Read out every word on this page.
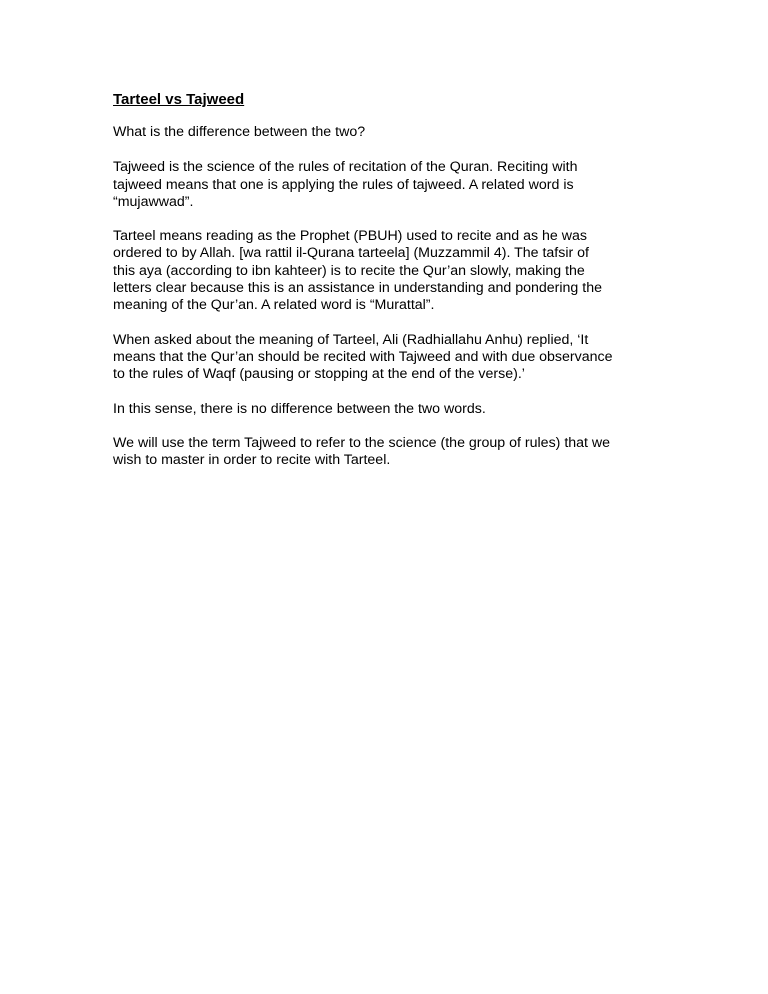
Tarteel vs Tajweed
What is the difference between the two?
Tajweed is the science of the rules of recitation of the Quran. Reciting with
tajweed means that one is applying the rules of tajweed. A related word is
“mujawwad”.
Tarteel means reading as the Prophet (PBUH) used to recite and as he was
ordered to by Allah. [wa rattil il-Qurana tarteela] (Muzzammil 4). The tafsir of
this aya (according to ibn kahteer) is to recite the Qur’an slowly, making the
letters clear because this is an assistance in understanding and pondering the
meaning of the Qur’an. A related word is “Murattal”.
When asked about the meaning of Tarteel, Ali (Radhiallahu Anhu) replied, ‘It
means that the Qur’an should be recited with Tajweed and with due observance
to the rules of Waqf (pausing or stopping at the end of the verse).’
In this sense, there is no difference between the two words.
We will use the term Tajweed to refer to the science (the group of rules) that we
wish to master in order to recite with Tarteel.
